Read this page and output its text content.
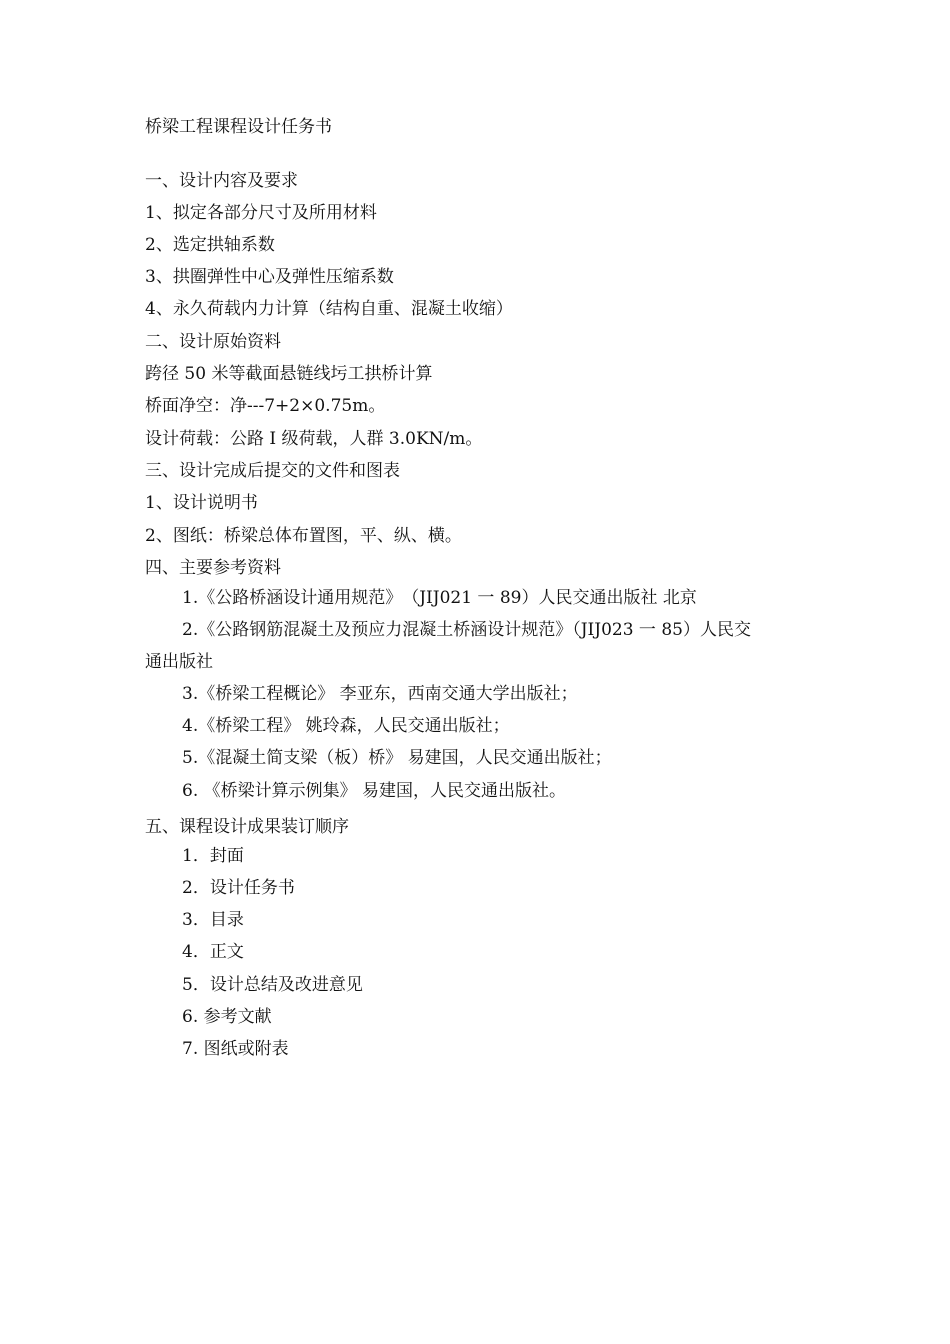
桥梁工程课程设计任务书
一、设计内容及要求
1、拟定各部分尺寸及所用材料
2、选定拱轴系数
3、拱圈弹性中心及弹性压缩系数
4、永久荷载内力计算（结构自重、混凝土收缩）
二、设计原始资料
跨径 50 米等截面悬链线圬工拱桥计算
桥面净空：净---7+2×0.75m。
设计荷载：公路 I 级荷载，人群 3.0KN/m。
三、设计完成后提交的文件和图表
1、设计说明书
2、图纸：桥梁总体布置图，平、纵、横。
四、主要参考资料
1.《公路桥涵设计通用规范》　（JIJ021 一 89）人民交通出版社 北京
2.《公路钢筋混凝土及预应力混凝土桥涵设计规范》（JIJ023 一 85）人民交
通出版社
3.《桥梁工程概论》 李亚东，西南交通大学出版社；
4.《桥梁工程》 姚玲森，人民交通出版社；
5.《混凝土简支梁（板）桥》 易建国，人民交通出版社；
6. 《桥梁计算示例集》 易建国，人民交通出版社。
五、课程设计成果装订顺序
1．封面
2．设计任务书
3．目录
4．正文
5．设计总结及改进意见
6. 参考文献
7. 图纸或附表
